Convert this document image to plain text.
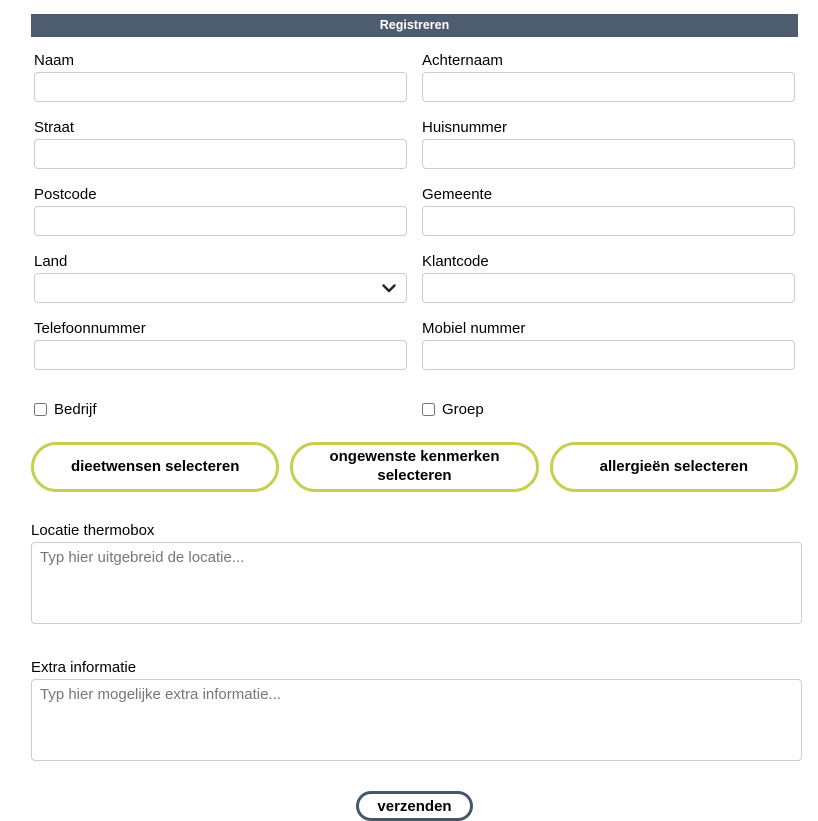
Registreren
Naam	Achternaam
Straat	Huisnummer
Postcode	Gemeente
Land	Klantcode
Telefoonnummer	Mobiel nummer
Bedrijf	Groep
dieetwensen selecteren
ongewenste kenmerken selecteren
allergieën selecteren
Locatie thermobox
Typ hier uitgebreid de locatie...
Extra informatie
Typ hier mogelijke extra informatie...
verzenden
